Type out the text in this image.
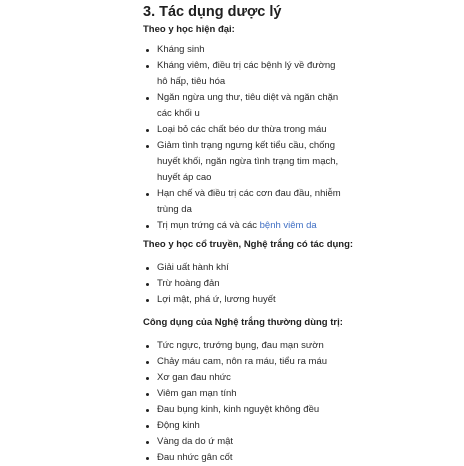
3. Tác dụng dược lý

Theo y học hiện đại:

Kháng sinh
Kháng viêm, điều trị các bệnh lý về đường hô hấp, tiêu hóa
Ngăn ngừa ung thư, tiêu diệt và ngăn chặn các khối u
Loại bỏ các chất béo dư thừa trong máu
Giảm tình trạng ngưng kết tiểu cầu, chống huyết khối, ngăn ngừa tình trạng tim mạch, huyết áp cao
Hạn chế và điều trị các cơn đau đầu, nhiễm trùng da
Trị mụn trứng cá và các bệnh viêm da

Theo y học cổ truyền, Nghệ trắng có tác dụng:

Giải uất hành khí
Trừ hoàng đản
Lợi mật, phá ứ, lương huyết

Công dụng của Nghệ trắng thường dùng trị:

Tức ngực, trướng bụng, đau mạn sườn
Chảy máu cam, nôn ra máu, tiểu ra máu
Xơ gan đau nhức
Viêm gan mạn tính
Đau bụng kinh, kinh nguyệt không đều
Động kinh
Vàng da do ứ mật
Đau nhức gân cốt
